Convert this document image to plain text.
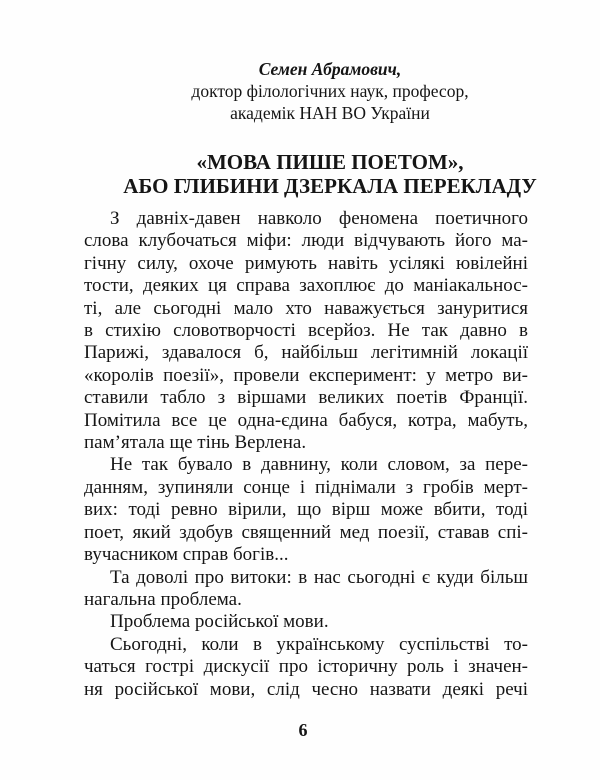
Семен Абрамович,
доктор філологічних наук, професор,
академік НАН ВО України
«МОВА ПИШЕ ПОЕТОМ»,
АБО ГЛИБИНИ ДЗЕРКАЛА ПЕРЕКЛАДУ
З давніх-давен навколо феномена поетичного
слова клубочаться міфи: люди відчувають його ма-
гічну силу, охоче римують навіть усілякі ювілейні
тости, деяких ця справа захоплює до маніакальнос-
ті, але сьогодні мало хто наважується зануритися
в стихію словотворчості всерйоз. Не так давно в
Парижі, здавалося б, найбільш легітимній локації
«королів поезії», провели експеримент: у метро ви-
ставили табло з віршами великих поетів Франції.
Помітила все це одна-єдина бабуся, котра, мабуть,
пам’ятала ще тінь Верлена.
Не так бувало в давнину, коли словом, за пере-
данням, зупиняли сонце і піднімали з гробів мерт-
вих: тоді ревно вірили, що вірш може вбити, тоді
поет, який здобув священний мед поезії, ставав спі-
вучасником справ богів...
Та доволі про витоки: в нас сьогодні є куди більш
нагальна проблема.
Проблема російської мови.
Сьогодні, коли в українському суспільстві то-
чаться гострі дискусії про історичну роль і значен-
ня російської мови, слід чесно назвати деякі речі
6
